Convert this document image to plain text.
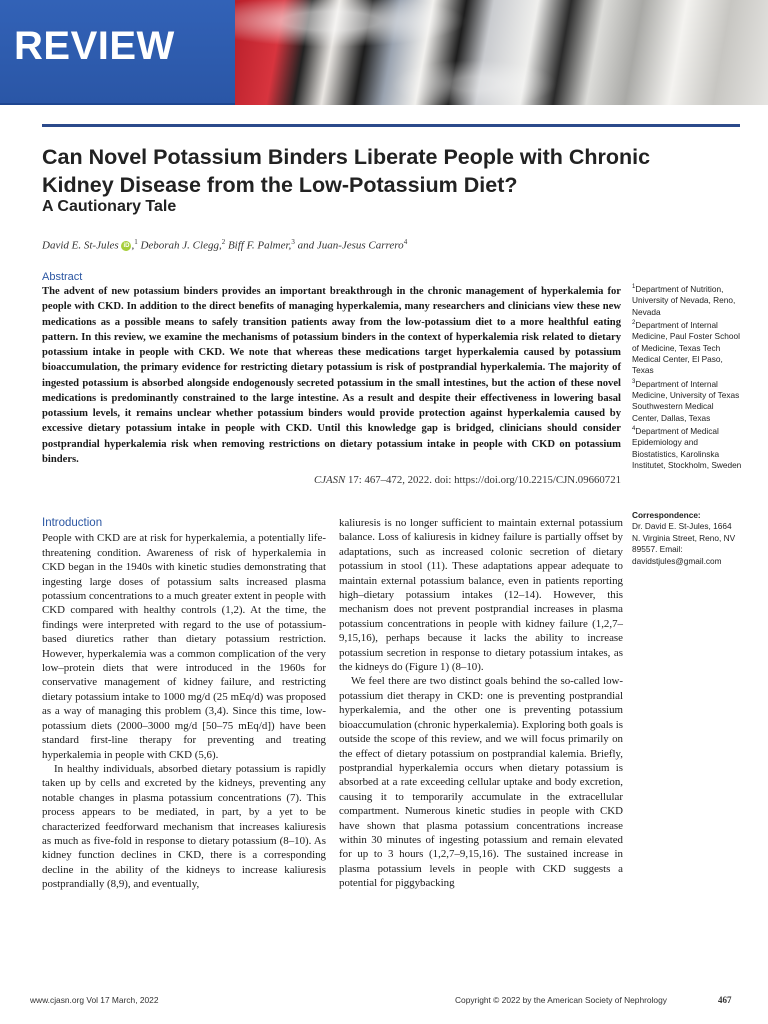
REVIEW
Can Novel Potassium Binders Liberate People with Chronic Kidney Disease from the Low-Potassium Diet?
A Cautionary Tale
David E. St-Jules iD ,$^1$ Deborah J. Clegg,$^2$ Biff F. Palmer,$^3$ and Juan-Jesus Carrero$^4$
Abstract
The advent of new potassium binders provides an important breakthrough in the chronic management of hyperkalemia for people with CKD. In addition to the direct benefits of managing hyperkalemia, many researchers and clinicians view these new medications as a possible means to safely transition patients away from the low-potassium diet to a more healthful eating pattern. In this review, we examine the mechanisms of potassium binders in the context of hyperkalemia risk related to dietary potassium intake in people with CKD. We note that whereas these medications target hyperkalemia caused by potassium bioaccumulation, the primary evidence for restricting dietary potassium is risk of postprandial hyperkalemia. The majority of ingested potassium is absorbed alongside endogenously secreted potassium in the small intestines, but the action of these novel medications is predominantly constrained to the large intestine. As a result and despite their effectiveness in lowering basal potassium levels, it remains unclear whether potassium binders would provide protection against hyperkalemia caused by excessive dietary potassium intake in people with CKD. Until this knowledge gap is bridged, clinicians should consider postprandial hyperkalemia risk when removing restrictions on dietary potassium intake in people with CKD on potassium binders.
CJASN 17: 467–472, 2022. doi: https://doi.org/10.2215/CJN.09660721
$^1$Department of Nutrition, University of Nevada, Reno, Nevada
$^2$Department of Internal Medicine, Paul Foster School of Medicine, Texas Tech Medical Center, El Paso, Texas
$^3$Department of Internal Medicine, University of Texas Southwestern Medical Center, Dallas, Texas
$^4$Department of Medical Epidemiology and Biostatistics, Karolinska Institutet, Stockholm, Sweden
Correspondence:
Dr. David E. St-Jules, 1664 N. Virginia Street, Reno, NV 89557. Email: davidstjules@gmail.com
Introduction
People with CKD are at risk for hyperkalemia, a potentially life-threatening condition. Awareness of risk of hyperkalemia in CKD began in the 1940s with kinetic studies demonstrating that ingesting large doses of potassium salts increased plasma potassium concentrations to a much greater extent in people with CKD compared with healthy controls (1,2). At the time, the findings were interpreted with regard to the use of potassium-based diuretics rather than dietary potassium restriction. However, hyperkalemia was a common complication of the very low–protein diets that were introduced in the 1960s for conservative management of kidney failure, and restricting dietary potassium intake to 1000 mg/d (25 mEq/d) was proposed as a way of managing this problem (3,4). Since this time, low-potassium diets (2000–3000 mg/d [50–75 mEq/d]) have been standard first-line therapy for preventing and treating hyperkalemia in people with CKD (5,6).
In healthy individuals, absorbed dietary potassium is rapidly taken up by cells and excreted by the kidneys, preventing any notable changes in plasma potassium concentrations (7). This process appears to be mediated, in part, by a yet to be characterized feedforward mechanism that increases kaliuresis as much as five-fold in response to dietary potassium (8–10). As kidney function declines in CKD, there is a corresponding decline in the ability of the kidneys to increase kaliuresis postprandially (8,9), and eventually,
kaliuresis is no longer sufficient to maintain external potassium balance. Loss of kaliuresis in kidney failure is partially offset by adaptations, such as increased colonic secretion of dietary potassium in stool (11). These adaptations appear adequate to maintain external potassium balance, even in patients reporting high–dietary potassium intakes (12–14). However, this mechanism does not prevent postprandial increases in plasma potassium concentrations in people with kidney failure (1,2,7–9,15,16), perhaps because it lacks the ability to increase potassium secretion in response to dietary potassium intakes, as the kidneys do (Figure 1) (8–10).
We feel there are two distinct goals behind the so-called low-potassium diet therapy in CKD: one is preventing postprandial hyperkalemia, and the other one is preventing potassium bioaccumulation (chronic hyperkalemia). Exploring both goals is outside the scope of this review, and we will focus primarily on the effect of dietary potassium on postprandial kalemia. Briefly, postprandial hyperkalemia occurs when dietary potassium is absorbed at a rate exceeding cellular uptake and body excretion, causing it to temporarily accumulate in the extracellular compartment. Numerous kinetic studies in people with CKD have shown that plasma potassium concentrations increase within 30 minutes of ingesting potassium and remain elevated for up to 3 hours (1,2,7–9,15,16). The sustained increase in plasma potassium levels in people with CKD suggests a potential for piggybacking
www.cjasn.org Vol 17 March, 2022	Copyright © 2022 by the American Society of Nephrology	467
